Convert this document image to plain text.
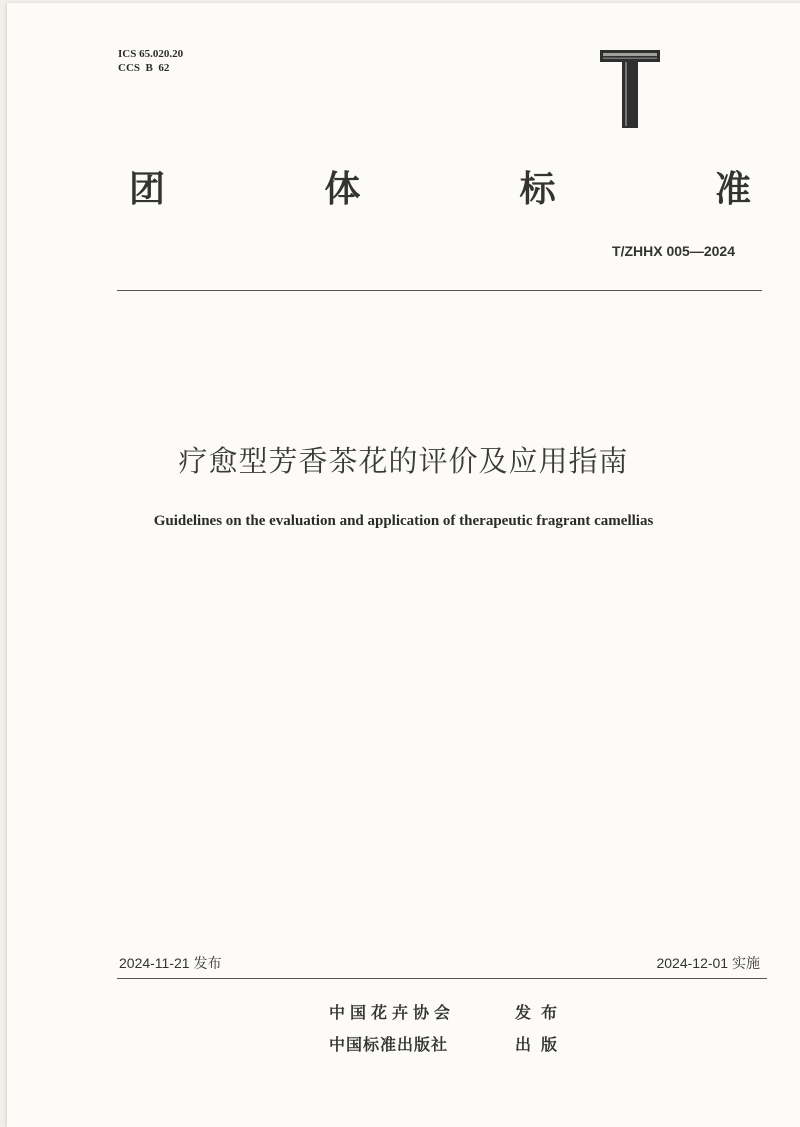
ICS 65.020.20
CCS  B  62
团	体	标	准
T/ZHHX 005—2024
疗愈型芳香茶花的评价及应用指南
Guidelines on the evaluation and application of therapeutic fragrant camellias
2024-11-21 发布	2024-12-01 实施
中国花卉协会	发布
中国标准出版社	出版
